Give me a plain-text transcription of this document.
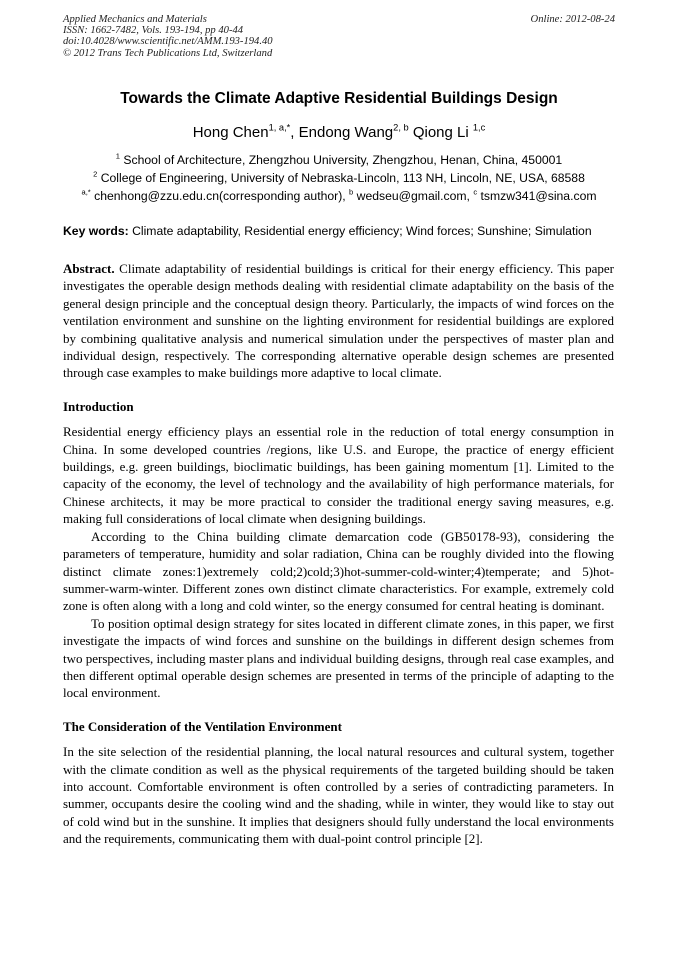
Applied Mechanics and Materials
ISSN: 1662-7482, Vols. 193-194, pp 40-44
doi:10.4028/www.scientific.net/AMM.193-194.40
© 2012 Trans Tech Publications Ltd, Switzerland
Online: 2012-08-24
Towards the Climate Adaptive Residential Buildings Design
Hong Chen$^{1, a,*}$, Endong Wang$^{2, b}$ Qiong Li $^{1,c}$
$^1$ School of Architecture, Zhengzhou University, Zhengzhou, Henan, China, 450001
$^2$ College of Engineering, University of Nebraska-Lincoln, 113 NH, Lincoln, NE, USA, 68588
$^{a,*}$ chenhong@zzu.edu.cn(corresponding author), $^b$ wedseu@gmail.com, $^c$ tsmzw341@sina.com
Key words: Climate adaptability, Residential energy efficiency; Wind forces; Sunshine; Simulation

Abstract. Climate adaptability of residential buildings is critical for their energy efficiency. This paper investigates the operable design methods dealing with residential climate adaptability on the basis of the general design principle and the conceptual design theory. Particularly, the impacts of wind forces on the ventilation environment and sunshine on the lighting environment for residential buildings are explored by combining qualitative analysis and numerical simulation under the perspectives of master plan and individual design, respectively. The corresponding alternative operable design schemes are presented through case examples to make buildings more adaptive to local climate.

Introduction

Residential energy efficiency plays an essential role in the reduction of total energy consumption in China. In some developed countries /regions, like U.S. and Europe, the practice of energy efficient buildings, e.g. green buildings, bioclimatic buildings, has been gaining momentum [1]. Limited to the capacity of the economy, the level of technology and the availability of high performance materials, for Chinese architects, it may be more practical to consider the traditional energy saving measures, e.g. making full considerations of local climate when designing buildings.

According to the China building climate demarcation code (GB50178-93), considering the parameters of temperature, humidity and solar radiation, China can be roughly divided into the flowing distinct climate zones:1)extremely cold;2)cold;3)hot-summer-cold-winter;4)temperate; and 5)hot-summer-warm-winter. Different zones own distinct climate characteristics. For example, extremely cold zone is often along with a long and cold winter, so the energy consumed for central heating is dominant.

To position optimal design strategy for sites located in different climate zones, in this paper, we first investigate the impacts of wind forces and sunshine on the buildings in different design schemes from two perspectives, including master plans and individual building designs, through real case examples, and then different optimal operable design schemes are presented in terms of the principle of adapting to the local environment.

The Consideration of the Ventilation Environment

In the site selection of the residential planning, the local natural resources and cultural system, together with the climate condition as well as the physical requirements of the targeted building should be taken into account. Comfortable environment is often controlled by a series of contradicting parameters. In summer, occupants desire the cooling wind and the shading, while in winter, they would like to stay out of cold wind but in the sunshine. It implies that designers should fully understand the local environments and the requirements, communicating them with dual-point control principle [2].
